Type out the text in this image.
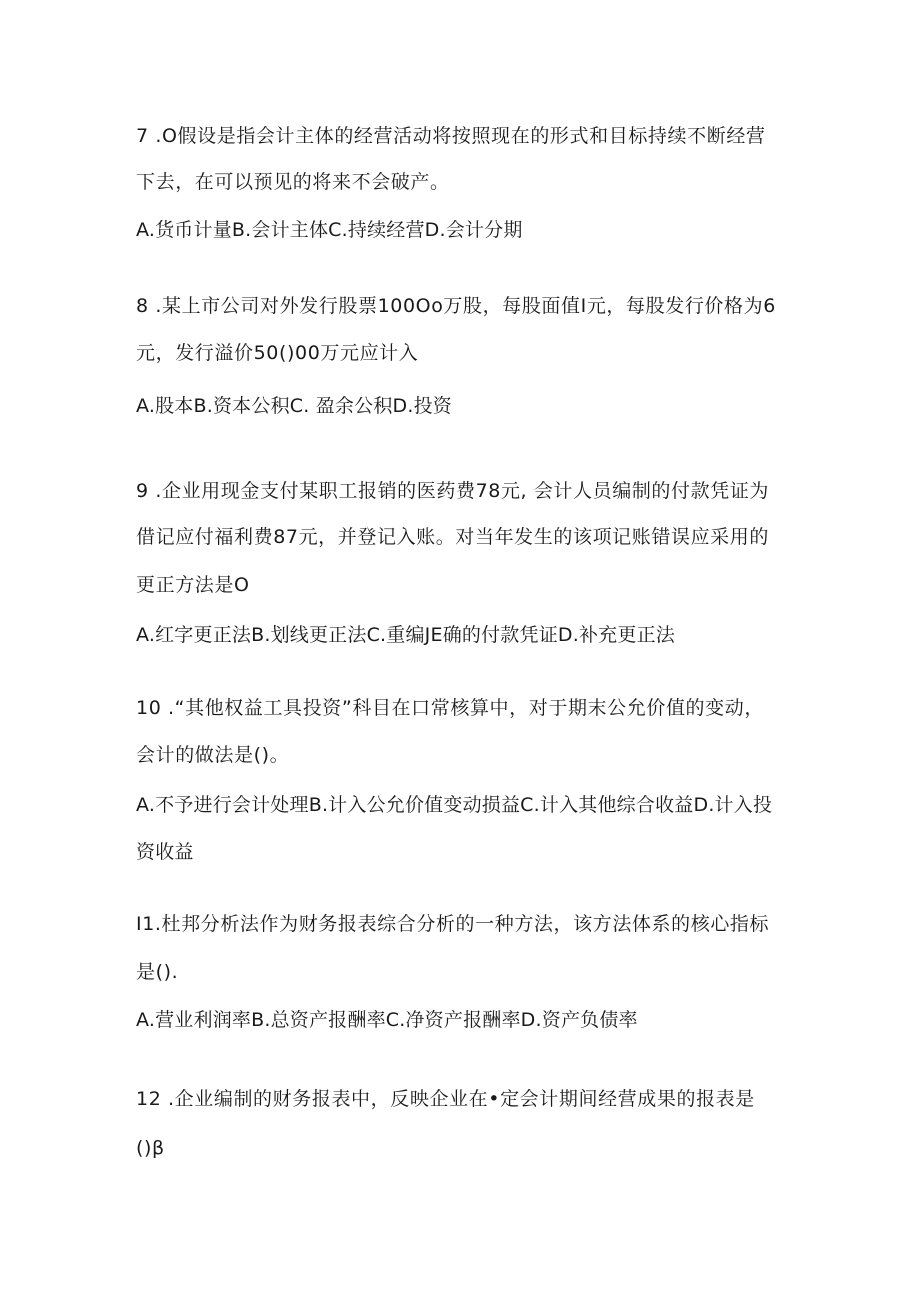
7 .O假设是指会计主体的经营活动将按照现在的形式和目标持续不断经营
下去，在可以预见的将来不会破产。
A.货币计量B.会计主体C.持续经营D.会计分期
8 .某上市公司对外发行股票100Oo万股，每股面值I元，每股发行价格为6
元，发行溢价50()00万元应计入
A.股本B.资本公积C. 盈余公积D.投资
9 .企业用现金支付某职工报销的医药费78元, 会计人员编制的付款凭证为
借记应付福利费87元，并登记入账。对当年发生的该项记账错误应采用的
更正方法是O
A.红字更正法B.划线更正法C.重编JE确的付款凭证D.补充更正法
10 .“其他权益工具投资”科目在口常核算中，对于期末公允价值的变动，
会计的做法是()。
A.不予进行会计处理B.计入公允价值变动损益C.计入其他综合收益D.计入投
资收益
I1.杜邦分析法作为财务报表综合分析的一种方法，该方法体系的核心指标
是().
A.营业利润率B.总资产报酬率C.净资产报酬率D.资产负债率
12 .企业编制的财务报表中，反映企业在•定会计期间经营成果的报表是
()β
